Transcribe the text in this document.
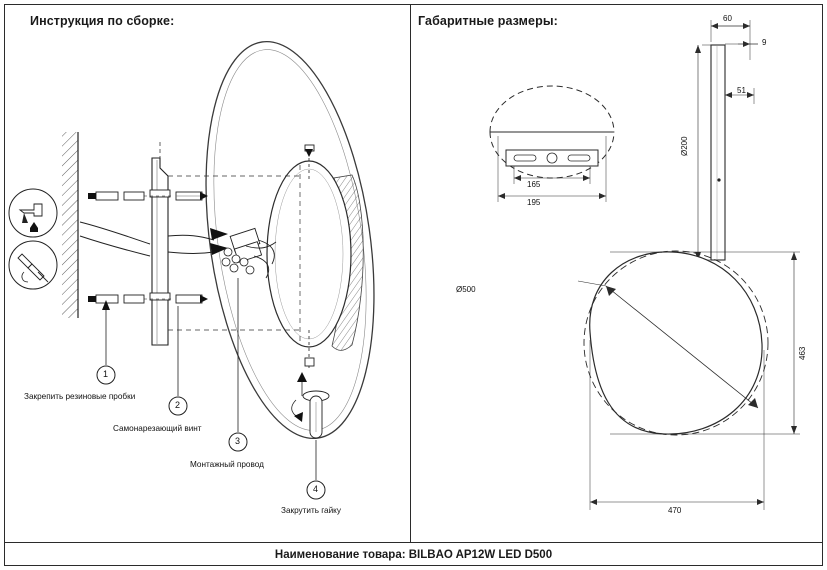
Инструкция по сборке:	Габаритные размеры:
1
2
3
4
Закрепить резиновые пробки
Самонарезающий винт
Монтажный провод
Закрутить гайку
60
9
51
Ø200
165
195
Ø500
463
470
Наименование товара: BILBAO AP12W LED D500
